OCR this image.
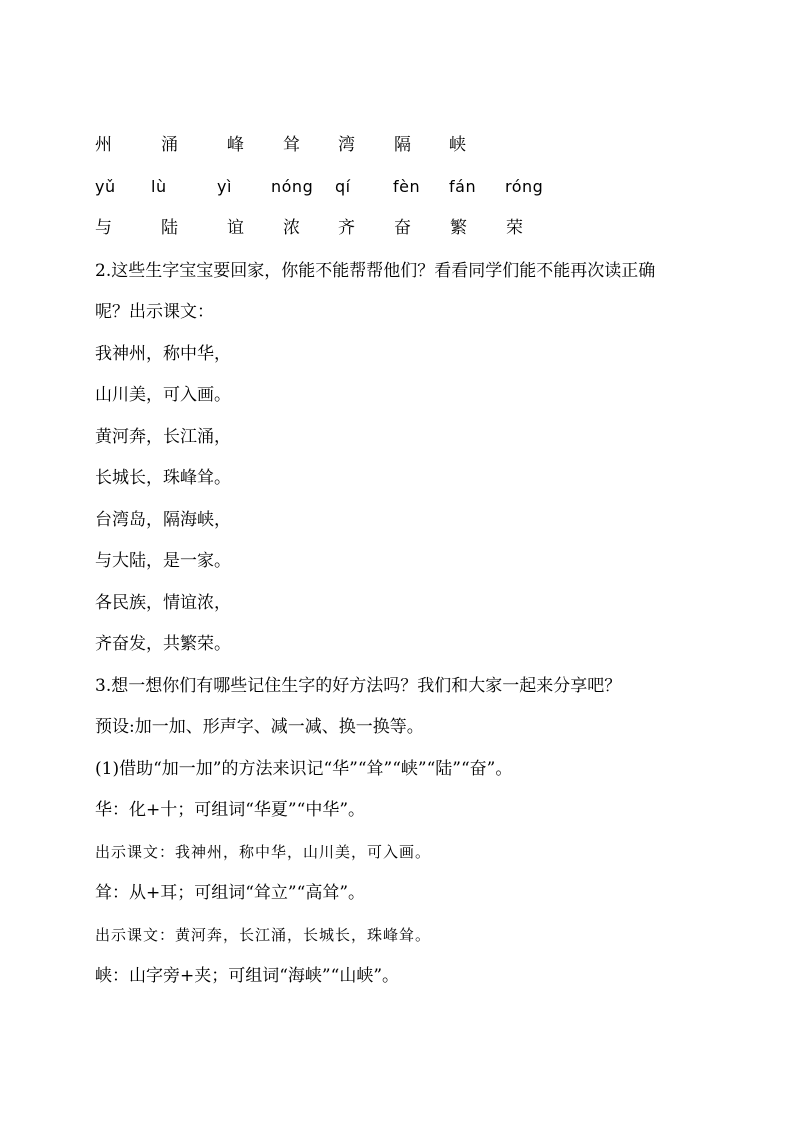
州	涌	峰 耸 湾 隔 峡
yǔ lù	yì nóng qí	fèn fán róng
与	陆	谊 浓 齐 奋 繁 荣
2.这些生字宝宝要回家，你能不能帮帮他们？看看同学们能不能再次读正确
呢？出示课文：
我神州，称中华，
山川美，可入画。
黄河奔，长江涌，
长城长，珠峰耸。
台湾岛，隔海峡，
与大陆，是一家。
各民族，情谊浓，
齐奋发，共繁荣。
3.想一想你们有哪些记住生字的好方法吗？我们和大家一起来分享吧？
预设:加一加、形声字、减一减、换一换等。
(1)借助“加一加”的方法来识记“华”“耸”“峡”“陆”“奋”。
华：化+十；可组词“华夏”“中华”。
出示课文：我神州，称中华，山川美，可入画。
耸：从+耳；可组词“耸立”“高耸”。
出示课文：黄河奔，长江涌，长城长，珠峰耸。
峡：山字旁+夹；可组词“海峡”“山峡”。
